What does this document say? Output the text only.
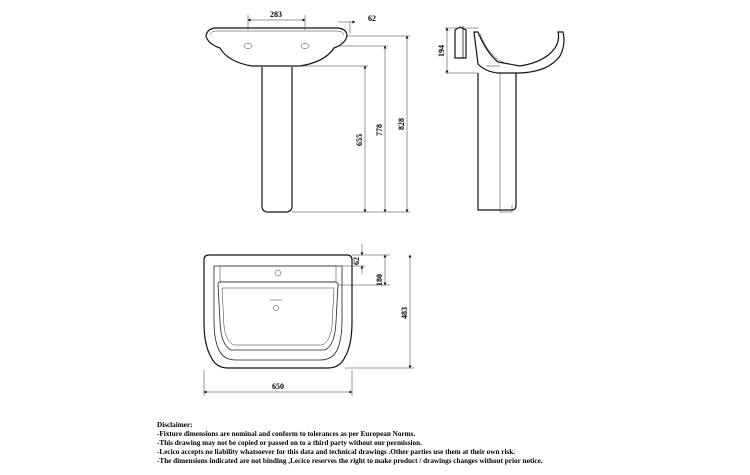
283	62
655
778 828
194
62
180
483
650
Disclaimer:
-Fixture dimensions are nominal and conform to tolerances as per European Norms.
-This drawing may not be copied or passed on to a third party without our permission.
-Lecico accepts no liability whatsoever for this data and technical drawings .Other parties use them at their own risk.
-The dimensions indicated are not binding ,Lecico reserves the right to make product / drawings changes without prior notice.
